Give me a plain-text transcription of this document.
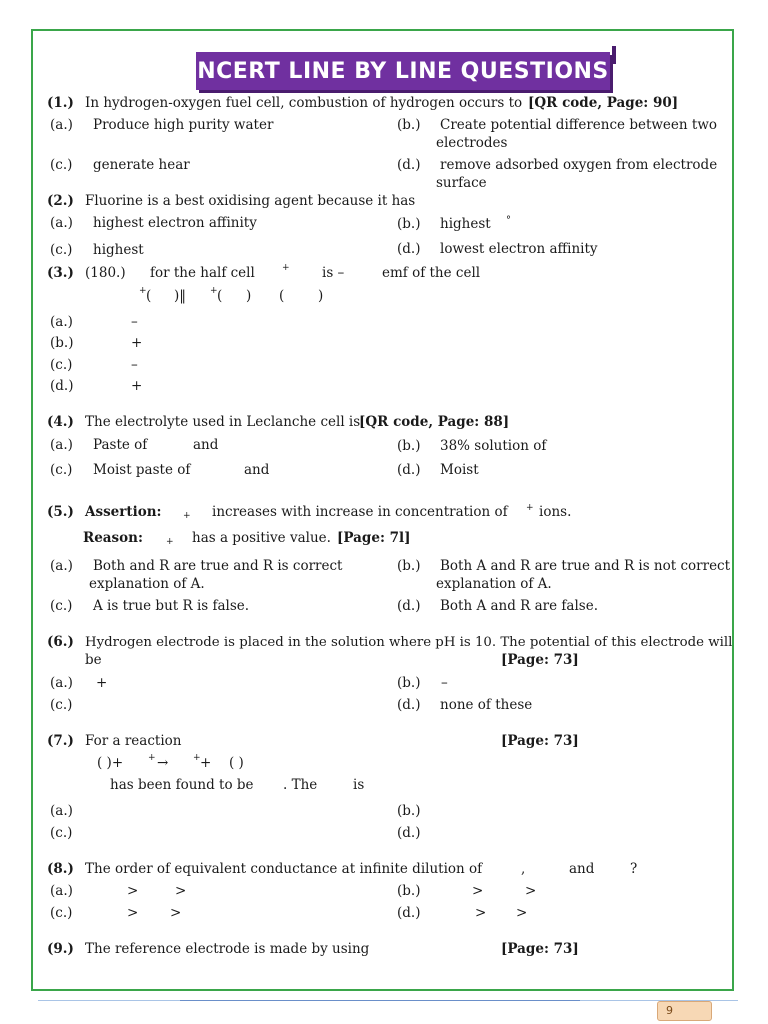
NCERT LINE BY LINE QUESTIONS
(1.) In hydrogen-oxygen fuel cell, combustion of hydrogen occurs to [QR code, Page: 90]
(a.) Produce high purity water	(b.) Create potential difference between two
electrodes
(c.) generate hear	(d.) remove adsorbed oxygen from electrode
surface
(2.) Fluorine is a best oxidising agent because it has
(a.) highest electron affinity	(b.) highest °
(c.) highest	(d.) lowest electron affinity
(3.) (180.) for the half cell	+ is –	emf of the cell
+ ( )‖	+ ( ) ( )
(a.)	–
(b.)	+
(c.)	–
(d.)	+
(4.) The electrolyte used in Leclanche cell is
[QR code, Page: 88]
(a.) Paste of	and	(b.) 38% solution of
(c.) Moist paste of	and	(d.) Moist
(5.) Assertion: + increases with increase in concentration of + ions.
Reason:	+ has a positive value. [Page: 7l]
(a.) Both and R are true and R is correct
explanation of A.
(b.) Both A and R are true and R is not correct
explanation of A.
(c.) A is true but R is false.	(d.) Both A and R are false.
(6.) Hydrogen electrode is placed in the solution where pH is 10. The potential of this electrode will
be	[Page: 73]
(a.) +	(b.) –
(c.)	(d.) none of these
(7.) For a reaction	[Page: 73]
( )+	+ →	+ + ( )
has been found to be . The	is
(a.)	(b.)
(c.)	(d.)
(8.) The order of equivalent conductance at infinite dilution of	,	and	?
(a.)	>	>	(b.)	>	>
(c.)	> >	(d.)	> >
(9.) The reference electrode is made by using	[Page: 73]
9
